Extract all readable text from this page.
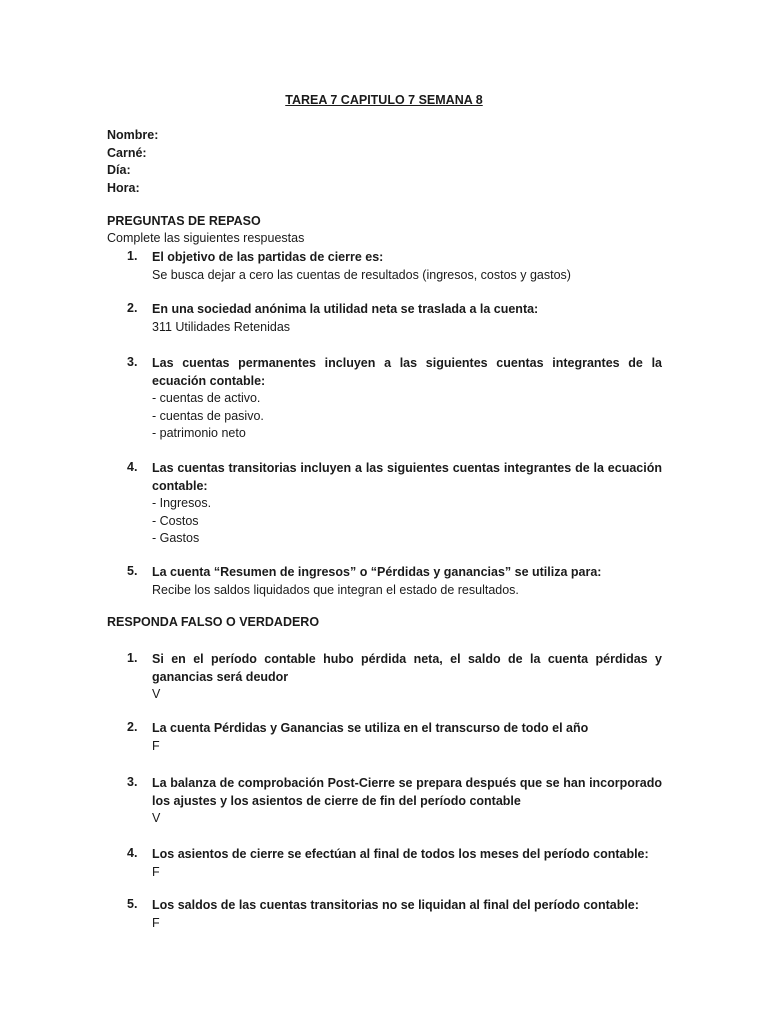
TAREA 7 CAPITULO 7 SEMANA 8
Nombre:
Carné:
Día:
Hora:
PREGUNTAS DE REPASO
Complete las siguientes respuestas
1. El objetivo de las partidas de cierre es:
Se busca dejar a cero las cuentas de resultados (ingresos, costos y gastos)
2. En una sociedad anónima la utilidad neta se traslada a la cuenta:
311 Utilidades Retenidas
3. Las cuentas permanentes incluyen a las siguientes cuentas integrantes de la ecuación contable:
- cuentas de activo.
- cuentas de pasivo.
- patrimonio neto
4. Las cuentas transitorias incluyen a las siguientes cuentas integrantes de la ecuación contable:
- Ingresos.
- Costos
- Gastos
5. La cuenta “Resumen de ingresos” o “Pérdidas y ganancias” se utiliza para:
Recibe los saldos liquidados que integran el estado de resultados.
RESPONDA FALSO O VERDADERO
1. Si en el período contable hubo pérdida neta, el saldo de la cuenta pérdidas y ganancias será deudor
V
2. La cuenta Pérdidas y Ganancias se utiliza en el transcurso de todo el año
F
3. La balanza de comprobación Post-Cierre se prepara después que se han incorporado los ajustes y los asientos de cierre de fin del período contable
V
4. Los asientos de cierre se efectúan al final de todos los meses del período contable:
F
5. Los saldos de las cuentas transitorias no se liquidan al final del período contable:
F
